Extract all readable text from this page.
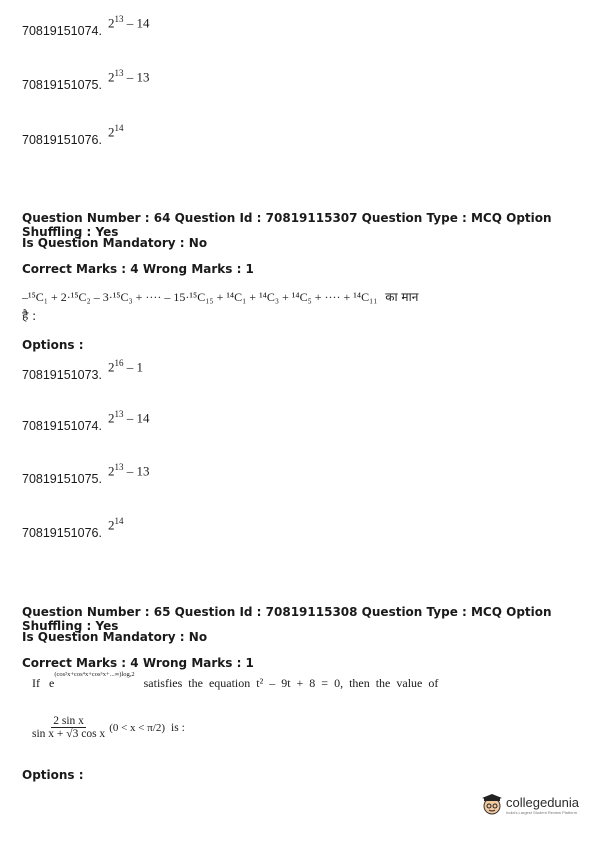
70819151074.
$2^{13} - 14$
70819151075.
$2^{13} - 13$
70819151076.
$2^{14}$
Question Number : 64 Question Id : 70819115307 Question Type : MCQ Option Shuffling : Yes
Is Question Mandatory : No
Correct Marks : 4 Wrong Marks : 1
–¹⁵C₁ + 2·¹⁵C₂ – 3·¹⁵C₃ + ···· – 15·¹⁵C₁₅ + ¹⁴C₁ + ¹⁴C₃ + ¹⁴C₅ + ···· + ¹⁴C₁₁ का मान
है :
Options :
70819151073.
$2^{16} - 1$
70819151074.
$2^{13} - 14$
70819151075.
$2^{13} - 13$
70819151076.
$2^{14}$
Question Number : 65 Question Id : 70819115308 Question Type : MCQ Option Shuffling : Yes
Is Question Mandatory : No
Correct Marks : 4 Wrong Marks : 1
If $e^{(cos^2x+cos^4x+cos^6x+...\infty)log_e2}$ satisfies the equation t² – 9t + 8 = 0, then the value of
$\frac{\text{2 sin x}}{\text{sin x + √3 cos x}} (0 < x < \pi/2)$ is :
Options :
collegedunia
India's Largest Student Review Platform
